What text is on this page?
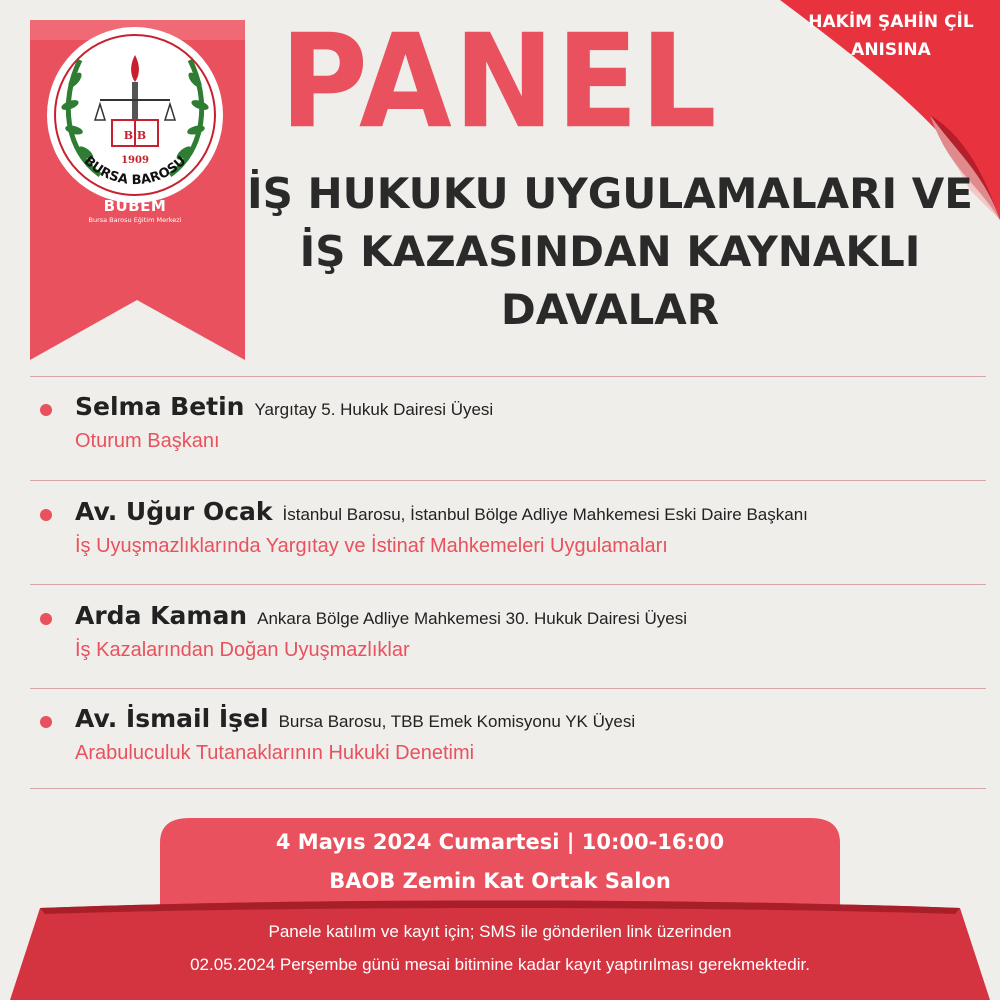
1909
B B
BURSA BAROSU
BUBEM
Bursa Barosu Eğitim Merkezi
HAKİM ŞAHİN ÇİL
ANISINA
PANEL
İŞ HUKUKU UYGULAMALARI VE
İŞ KAZASINDAN KAYNAKLI
DAVALAR
Selma Betin Yargıtay 5. Hukuk Dairesi Üyesi
Oturum Başkanı
Av. Uğur Ocak İstanbul Barosu, İstanbul Bölge Adliye Mahkemesi Eski Daire Başkanı
İş Uyuşmazlıklarında Yargıtay ve İstinaf Mahkemeleri Uygulamaları
Arda Kaman Ankara Bölge Adliye Mahkemesi 30. Hukuk Dairesi Üyesi
İş Kazalarından Doğan Uyuşmazlıklar
Av. İsmail İşel Bursa Barosu, TBB Emek Komisyonu YK Üyesi
Arabuluculuk Tutanaklarının Hukuki Denetimi
4 Mayıs 2024 Cumartesi | 10:00-16:00
BAOB Zemin Kat Ortak Salon
Panele katılım ve kayıt için; SMS ile gönderilen link üzerinden
02.05.2024 Perşembe günü mesai bitimine kadar kayıt yaptırılması gerekmektedir.
